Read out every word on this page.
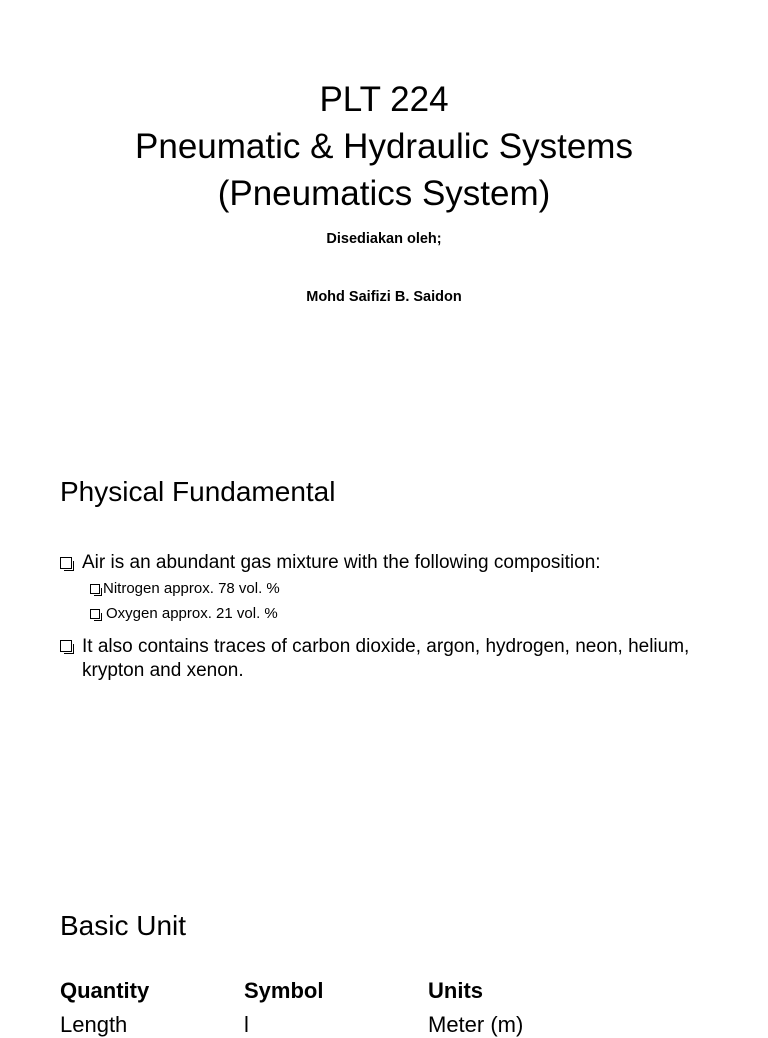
PLT 224
Pneumatic & Hydraulic Systems
(Pneumatics System)
Disediakan oleh;
Mohd Saifizi B. Saidon
Physical Fundamental
Air is an abundant gas mixture with the following composition:
Nitrogen approx. 78 vol. %
Oxygen approx. 21 vol. %
It also contains traces of carbon dioxide, argon, hydrogen, neon, helium, krypton and xenon.
Basic Unit
Quantity	Symbol	Units
Length	l	Meter (m)
